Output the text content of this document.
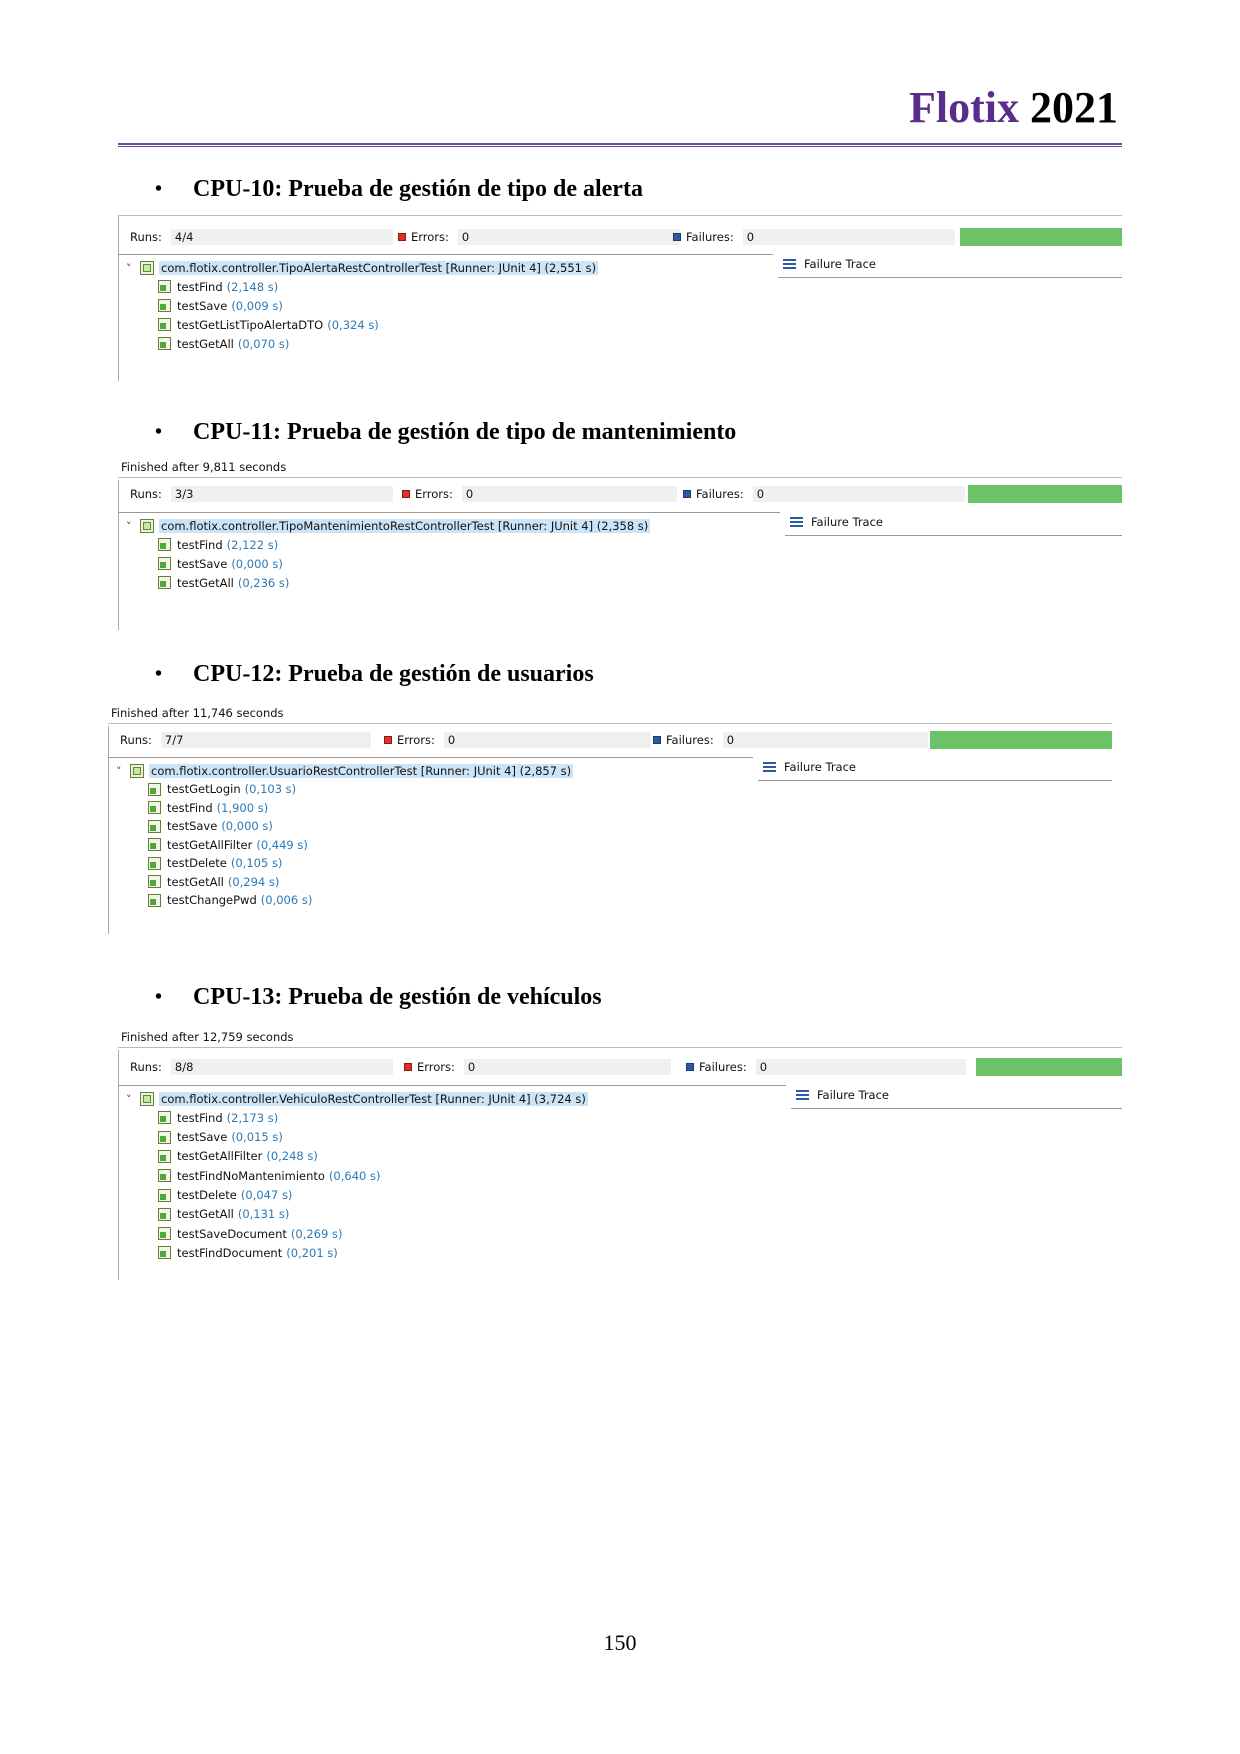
Flotix 2021
•	CPU-10: Prueba de gestión de tipo de alerta
•	CPU-11: Prueba de gestión de tipo de mantenimiento
•	CPU-12: Prueba de gestión de usuarios
•	CPU-13: Prueba de gestión de vehículos
Runs:	4/4	Errors:	0	Failures:	0
Failure Trace
˅	com.flotix.controller.TipoAlertaRestControllerTest [Runner: JUnit 4] (2,551 s)
testFind (2,148 s)
testSave (0,009 s)
testGetListTipoAlertaDTO (0,324 s)
testGetAll (0,070 s)
Finished after 9,811 seconds
Runs:	3/3	Errors:	0	Failures:	0
Failure Trace
˅	com.flotix.controller.TipoMantenimientoRestControllerTest [Runner: JUnit 4] (2,358 s)
testFind (2,122 s)
testSave (0,000 s)
testGetAll (0,236 s)
Finished after 11,746 seconds
Runs:	7/7	Errors:	0	Failures:	0
Failure Trace
˅	com.flotix.controller.UsuarioRestControllerTest [Runner: JUnit 4] (2,857 s)
testGetLogin (0,103 s)
testFind (1,900 s)
testSave (0,000 s)
testGetAllFilter (0,449 s)
testDelete (0,105 s)
testGetAll (0,294 s)
testChangePwd (0,006 s)
Finished after 12,759 seconds
Runs:	8/8	Errors:	0	Failures:	0
Failure Trace
˅	com.flotix.controller.VehiculoRestControllerTest [Runner: JUnit 4] (3,724 s)
testFind (2,173 s)
testSave (0,015 s)
testGetAllFilter (0,248 s)
testFindNoMantenimiento (0,640 s)
testDelete (0,047 s)
testGetAll (0,131 s)
testSaveDocument (0,269 s)
testFindDocument (0,201 s)
150
